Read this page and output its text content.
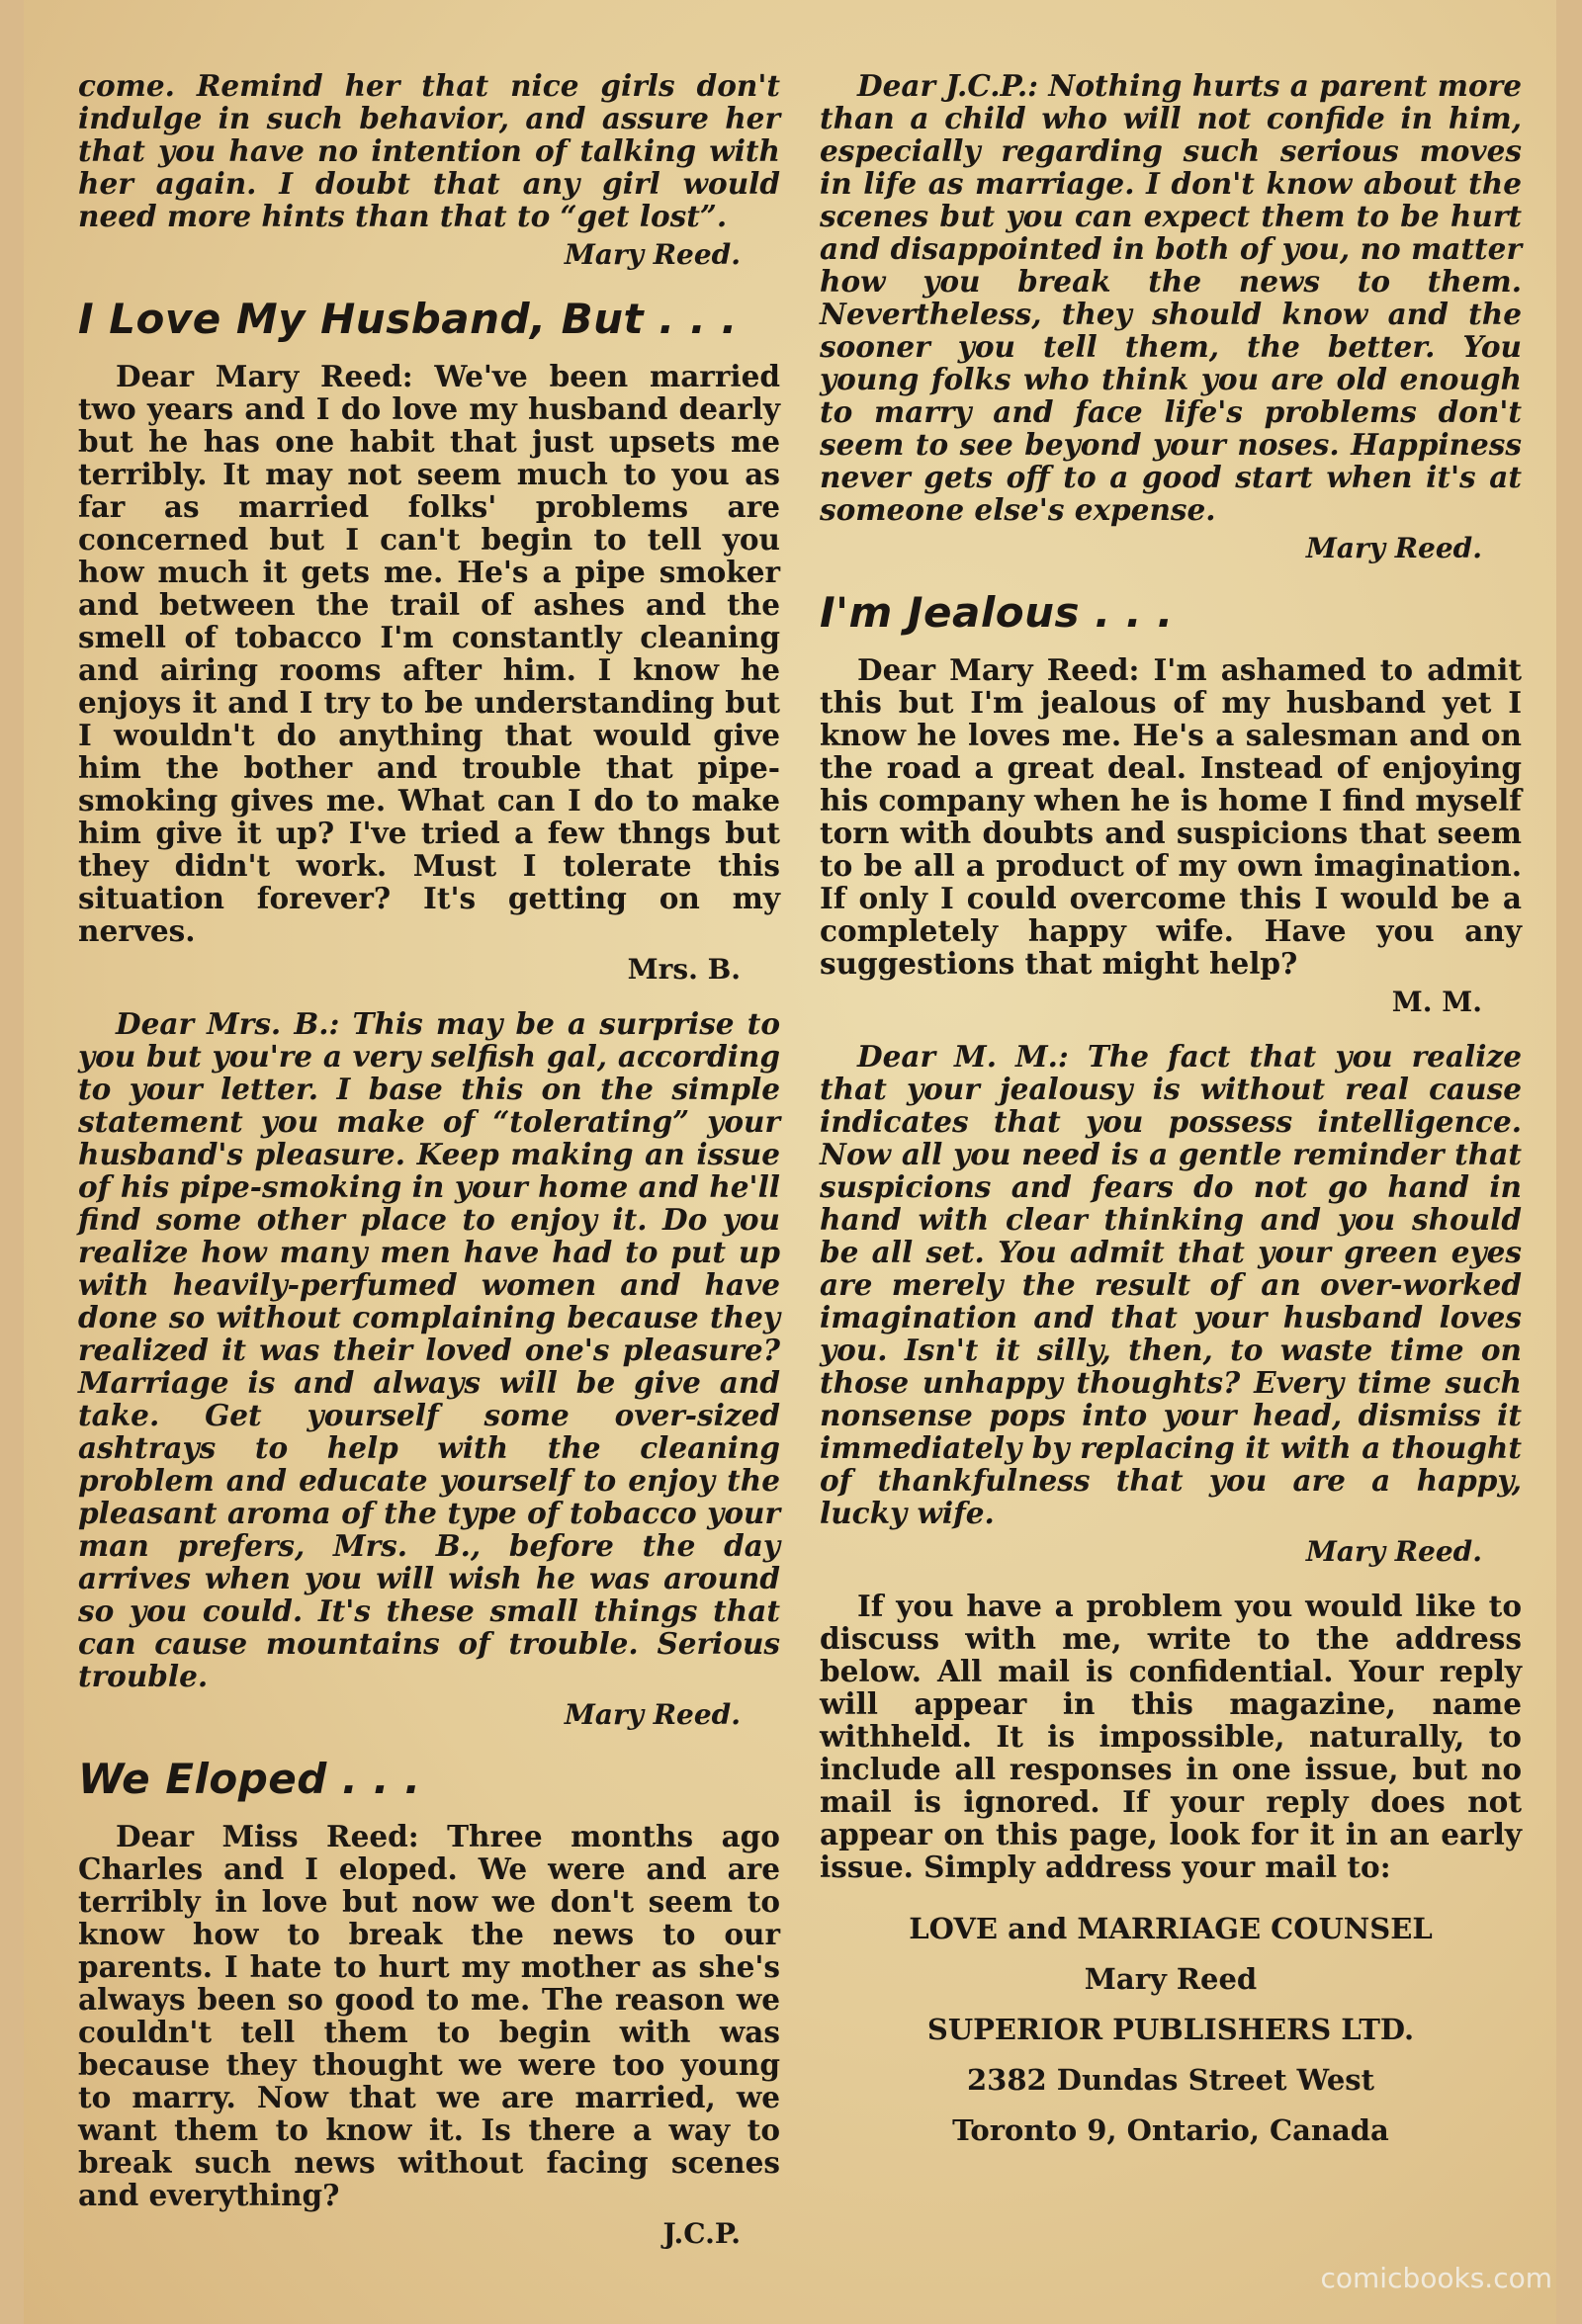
come. Remind her that nice girls don't indulge in such behavior, and assure her that you have no intention of talking with her again. I doubt that any girl would need more hints than that to “get lost”.

Mary Reed.
I Love My Husband, But . . .

Dear Mary Reed: We've been married two years and I do love my husband dearly but he has one habit that just upsets me terribly. It may not seem much to you as far as married folks' problems are concerned but I can't begin to tell you how much it gets me. He's a pipe smoker and between the trail of ashes and the smell of tobacco I'm constantly cleaning and airing rooms after him. I know he enjoys it and I try to be understanding but I wouldn't do anything that would give him the bother and trouble that pipe-smoking gives me. What can I do to make him give it up? I've tried a few thngs but they didn't work. Must I tolerate this situation forever? It's getting on my nerves.

Mrs. B.

Dear Mrs. B.: This may be a surprise to you but you're a very selfish gal, according to your letter. I base this on the simple statement you make of “tolerating” your husband's pleasure. Keep making an issue of his pipe-smoking in your home and he'll find some other place to enjoy it. Do you realize how many men have had to put up with heavily-perfumed women and have done so without complaining because they realized it was their loved one's pleasure? Marriage is and always will be give and take. Get yourself some over-sized ashtrays to help with the cleaning problem and educate yourself to enjoy the pleasant aroma of the type of tobacco your man prefers, Mrs. B., before the day arrives when you will wish he was around so you could. It's these small things that can cause mountains of trouble. Serious trouble.

Mary Reed.
We Eloped . . .

Dear Miss Reed: Three months ago Charles and I eloped. We were and are terribly in love but now we don't seem to know how to break the news to our parents. I hate to hurt my mother as she's always been so good to me. The reason we couldn't tell them to begin with was because they thought we were too young to marry. Now that we are married, we want them to know it. Is there a way to break such news without facing scenes and everything?

J.C.P.

Dear J.C.P.: Nothing hurts a parent more than a child who will not confide in him, especially regarding such serious moves in life as marriage. I don't know about the scenes but you can expect them to be hurt and disappointed in both of you, no matter how you break the news to them. Nevertheless, they should know and the sooner you tell them, the better. You young folks who think you are old enough to marry and face life's problems don't seem to see beyond your noses. Happiness never gets off to a good start when it's at someone else's expense.

Mary Reed.
I'm Jealous . . .

Dear Mary Reed: I'm ashamed to admit this but I'm jealous of my husband yet I know he loves me. He's a salesman and on the road a great deal. Instead of enjoying his company when he is home I find myself torn with doubts and suspicions that seem to be all a product of my own imagination. If only I could overcome this I would be a completely happy wife. Have you any suggestions that might help?

M. M.

Dear M. M.: The fact that you realize that your jealousy is without real cause indicates that you possess intelligence. Now all you need is a gentle reminder that suspicions and fears do not go hand in hand with clear thinking and you should be all set. You admit that your green eyes are merely the result of an over-worked imagination and that your husband loves you. Isn't it silly, then, to waste time on those unhappy thoughts? Every time such nonsense pops into your head, dismiss it immediately by replacing it with a thought of thankfulness that you are a happy, lucky wife.

Mary Reed.

If you have a problem you would like to discuss with me, write to the address below. All mail is confidential. Your reply will appear in this magazine, name withheld. It is impossible, naturally, to include all responses in one issue, but no mail is ignored. If your reply does not appear on this page, look for it in an early issue. Simply address your mail to:

LOVE and MARRIAGE COUNSEL
Mary Reed
SUPERIOR PUBLISHERS LTD.
2382 Dundas Street West
Toronto 9, Ontario, Canada
comicbooks.com
